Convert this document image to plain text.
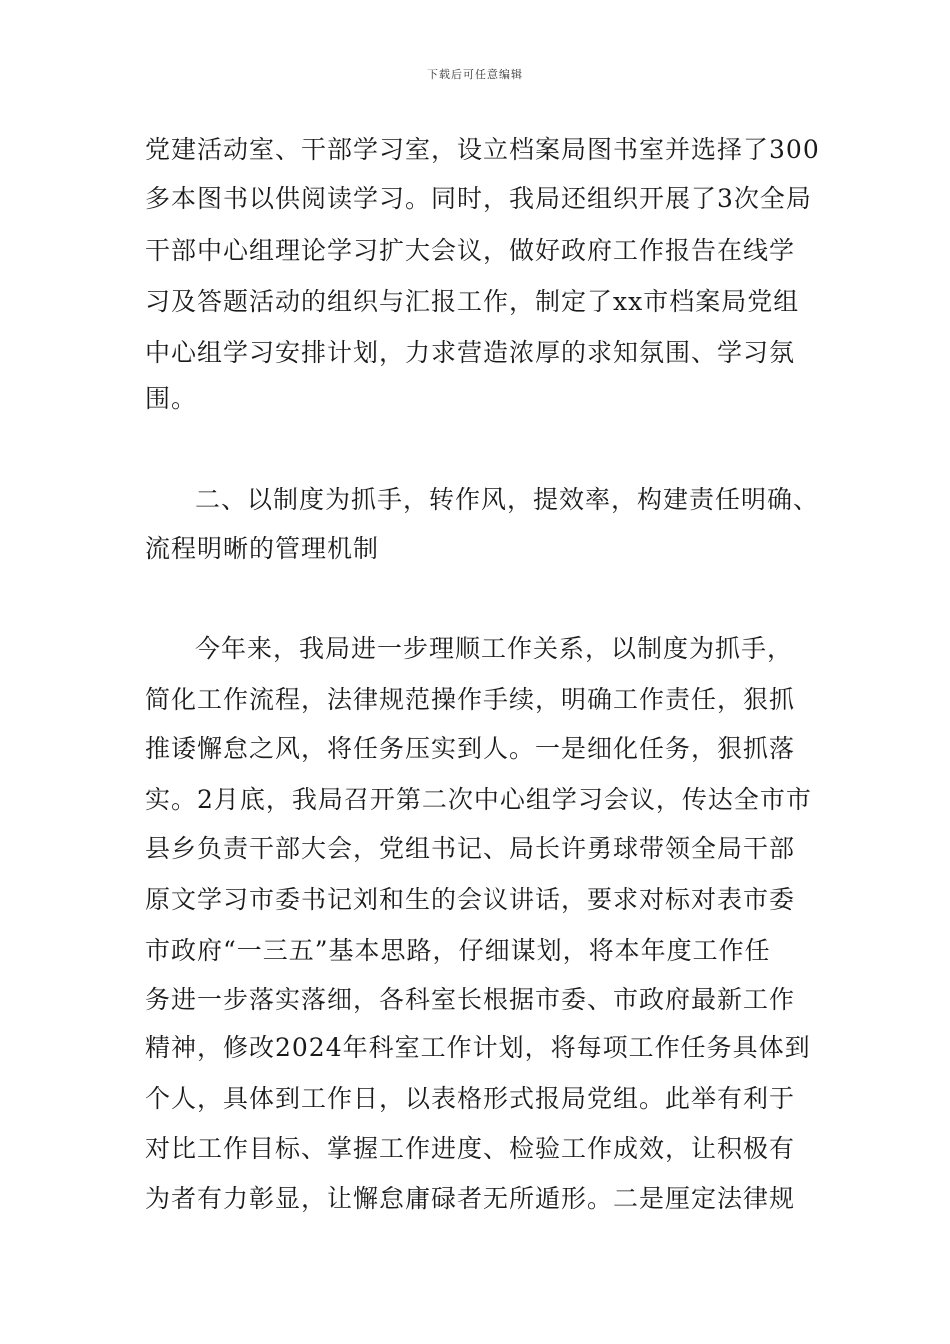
下载后可任意编辑
党建活动室、干部学习室，设立档案局图书室并选择了300
多本图书以供阅读学习。同时，我局还组织开展了3次全局
干部中心组理论学习扩大会议，做好政府工作报告在线学
习及答题活动的组织与汇报工作，制定了xx市档案局党组
中心组学习安排计划，力求营造浓厚的求知氛围、学习氛
围。
二、以制度为抓手，转作风，提效率，构建责任明确、
流程明晰的管理机制
今年来，我局进一步理顺工作关系，以制度为抓手，
简化工作流程，法律规范操作手续，明确工作责任，狠抓
推诿懈怠之风，将任务压实到人。一是细化任务，狠抓落
实。2月底，我局召开第二次中心组学习会议，传达全市市
县乡负责干部大会，党组书记、局长许勇球带领全局干部
原文学习市委书记刘和生的会议讲话，要求对标对表市委
市政府“一三五”基本思路，仔细谋划，将本年度工作任
务进一步落实落细，各科室长根据市委、市政府最新工作
精神，修改2024年科室工作计划，将每项工作任务具体到
个人，具体到工作日，以表格形式报局党组。此举有利于
对比工作目标、掌握工作进度、检验工作成效，让积极有
为者有力彰显，让懈怠庸碌者无所遁形。二是厘定法律规
